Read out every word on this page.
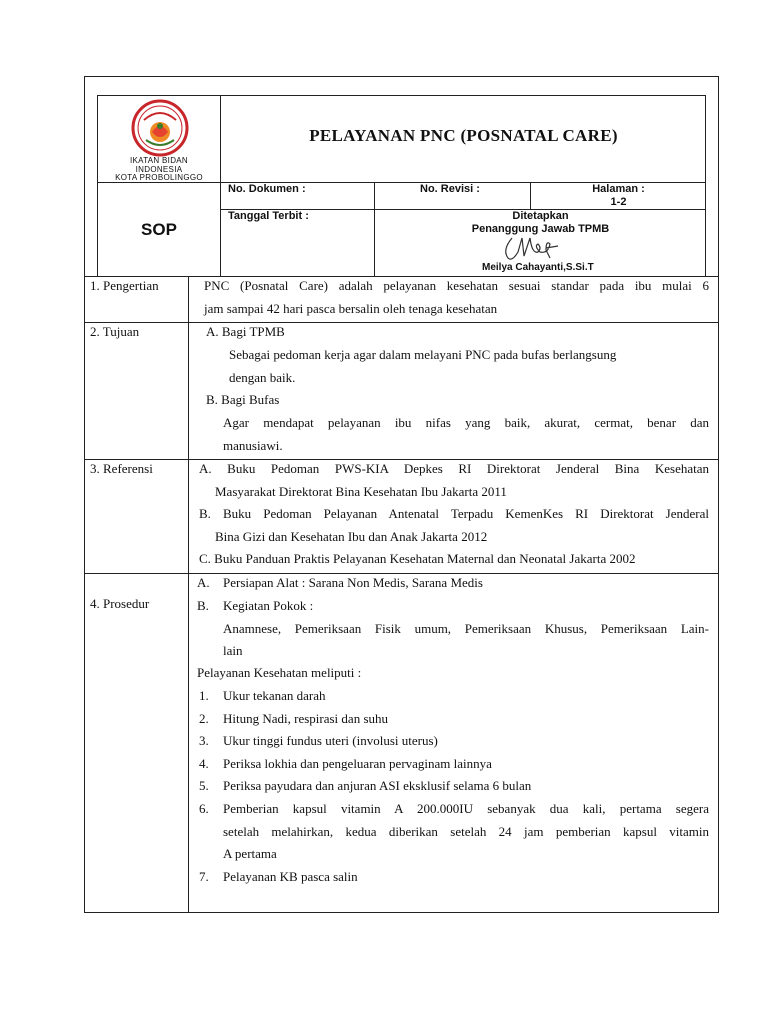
IKATAN BIDAN
INDONESIA
KOTA PROBOLINGGO
SOP
PELAYANAN PNC (POSNATAL CARE)
No. Dokumen :	No. Revisi :	Halaman :
1-2
Tanggal Terbit :	Ditetapkan
Penanggung Jawab TPMB
Meilya Cahayanti,S.Si.T
1. Pengertian	PNC (Posnatal Care) adalah pelayanan kesehatan sesuai standar pada ibu mulai 6
jam sampai 42 hari pasca bersalin oleh tenaga kesehatan
2. Tujuan	A. Bagi TPMB
Sebagai pedoman kerja agar dalam melayani PNC pada bufas berlangsung
dengan baik.
B. Bagi Bufas
Agar mendapat pelayanan ibu nifas yang baik, akurat, cermat, benar dan
manusiawi.
3. Referensi	A. Buku Pedoman PWS-KIA Depkes RI Direktorat Jenderal Bina Kesehatan
Masyarakat Direktorat Bina Kesehatan Ibu Jakarta 2011
B. Buku Pedoman Pelayanan Antenatal Terpadu KemenKes RI Direktorat Jenderal
Bina Gizi dan Kesehatan Ibu dan Anak Jakarta 2012
C. Buku Panduan Praktis Pelayanan Kesehatan Maternal dan Neonatal Jakarta 2002
4. Prosedur
A. Persiapan Alat : Sarana Non Medis, Sarana Medis
B. Kegiatan Pokok :
Anamnese, Pemeriksaan Fisik umum, Pemeriksaan Khusus, Pemeriksaan Lain-
lain
Pelayanan Kesehatan meliputi :
1. Ukur tekanan darah
2. Hitung Nadi, respirasi dan suhu
3. Ukur tinggi fundus uteri (involusi uterus)
4. Periksa lokhia dan pengeluaran pervaginam lainnya
5. Periksa payudara dan anjuran ASI eksklusif selama 6 bulan
6. Pemberian kapsul vitamin A 200.000IU sebanyak dua kali, pertama segera
setelah melahirkan, kedua diberikan setelah 24 jam pemberian kapsul vitamin
A pertama
7. Pelayanan KB pasca salin
